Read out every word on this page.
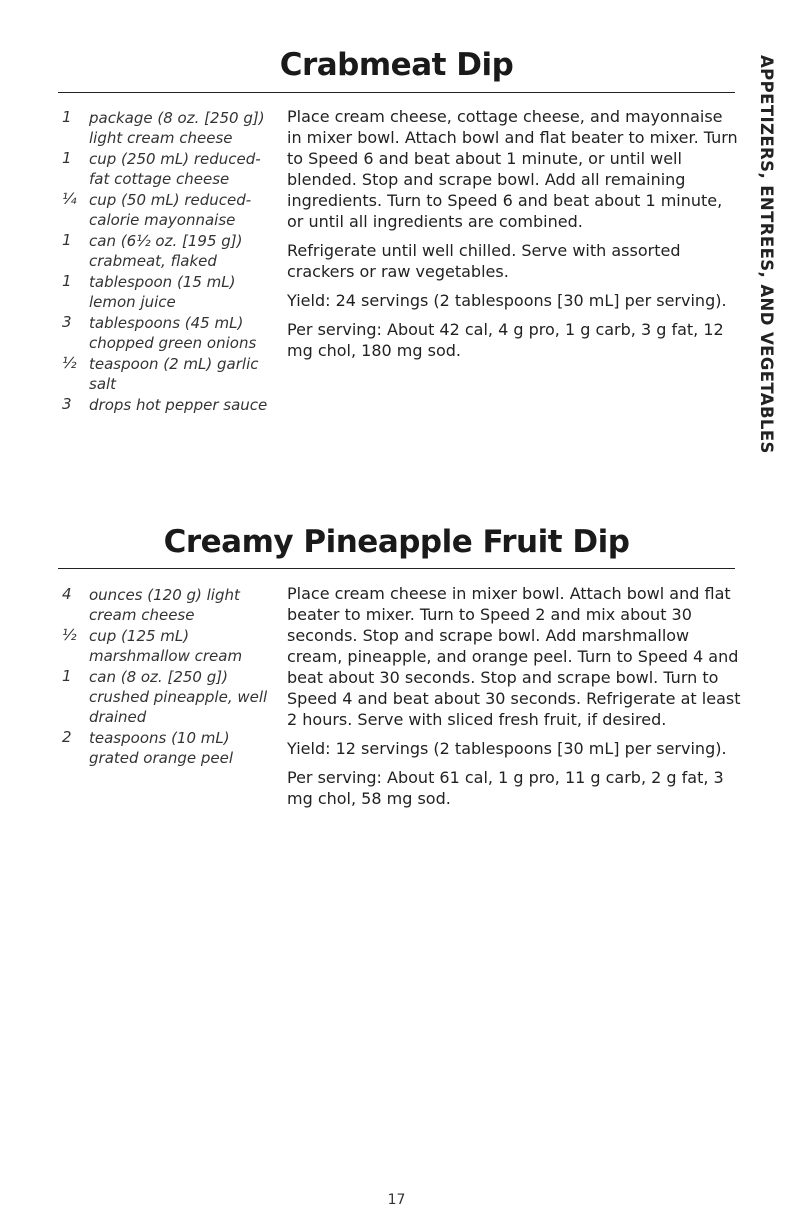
Crabmeat Dip
1 package (8 oz. [250 g]) light cream cheese
1 cup (250 mL) reduced-fat cottage cheese
¼ cup (50 mL) reduced-calorie mayonnaise
1 can (6½ oz. [195 g]) crabmeat, flaked
1 tablespoon (15 mL) lemon juice
3 tablespoons (45 mL) chopped green onions
½ teaspoon (2 mL) garlic salt
3 drops hot pepper sauce

Place cream cheese, cottage cheese, and mayonnaise in mixer bowl. Attach bowl and flat beater to mixer. Turn to Speed 6 and beat about 1 minute, or until well blended. Stop and scrape bowl. Add all remaining ingredients. Turn to Speed 6 and beat about 1 minute, or until all ingredients are combined.

Refrigerate until well chilled. Serve with assorted crackers or raw vegetables.

Yield: 24 servings (2 tablespoons [30 mL] per serving).

Per serving: About 42 cal, 4 g pro, 1 g carb, 3 g fat, 12 mg chol, 180 mg sod.

Creamy Pineapple Fruit Dip
4 ounces (120 g) light cream cheese
½ cup (125 mL) marshmallow cream
1 can (8 oz. [250 g]) crushed pineapple, well drained
2 teaspoons (10 mL) grated orange peel

Place cream cheese in mixer bowl. Attach bowl and flat beater to mixer. Turn to Speed 2 and mix about 30 seconds. Stop and scrape bowl. Add marshmallow cream, pineapple, and orange peel. Turn to Speed 4 and beat about 30 seconds. Stop and scrape bowl. Turn to Speed 4 and beat about 30 seconds. Refrigerate at least 2 hours. Serve with sliced fresh fruit, if desired.

Yield: 12 servings (2 tablespoons [30 mL] per serving).

Per serving: About 61 cal, 1 g pro, 11 g carb, 2 g fat, 3 mg chol, 58 mg sod.

APPETIZERS, ENTREES, AND VEGETABLES
17
